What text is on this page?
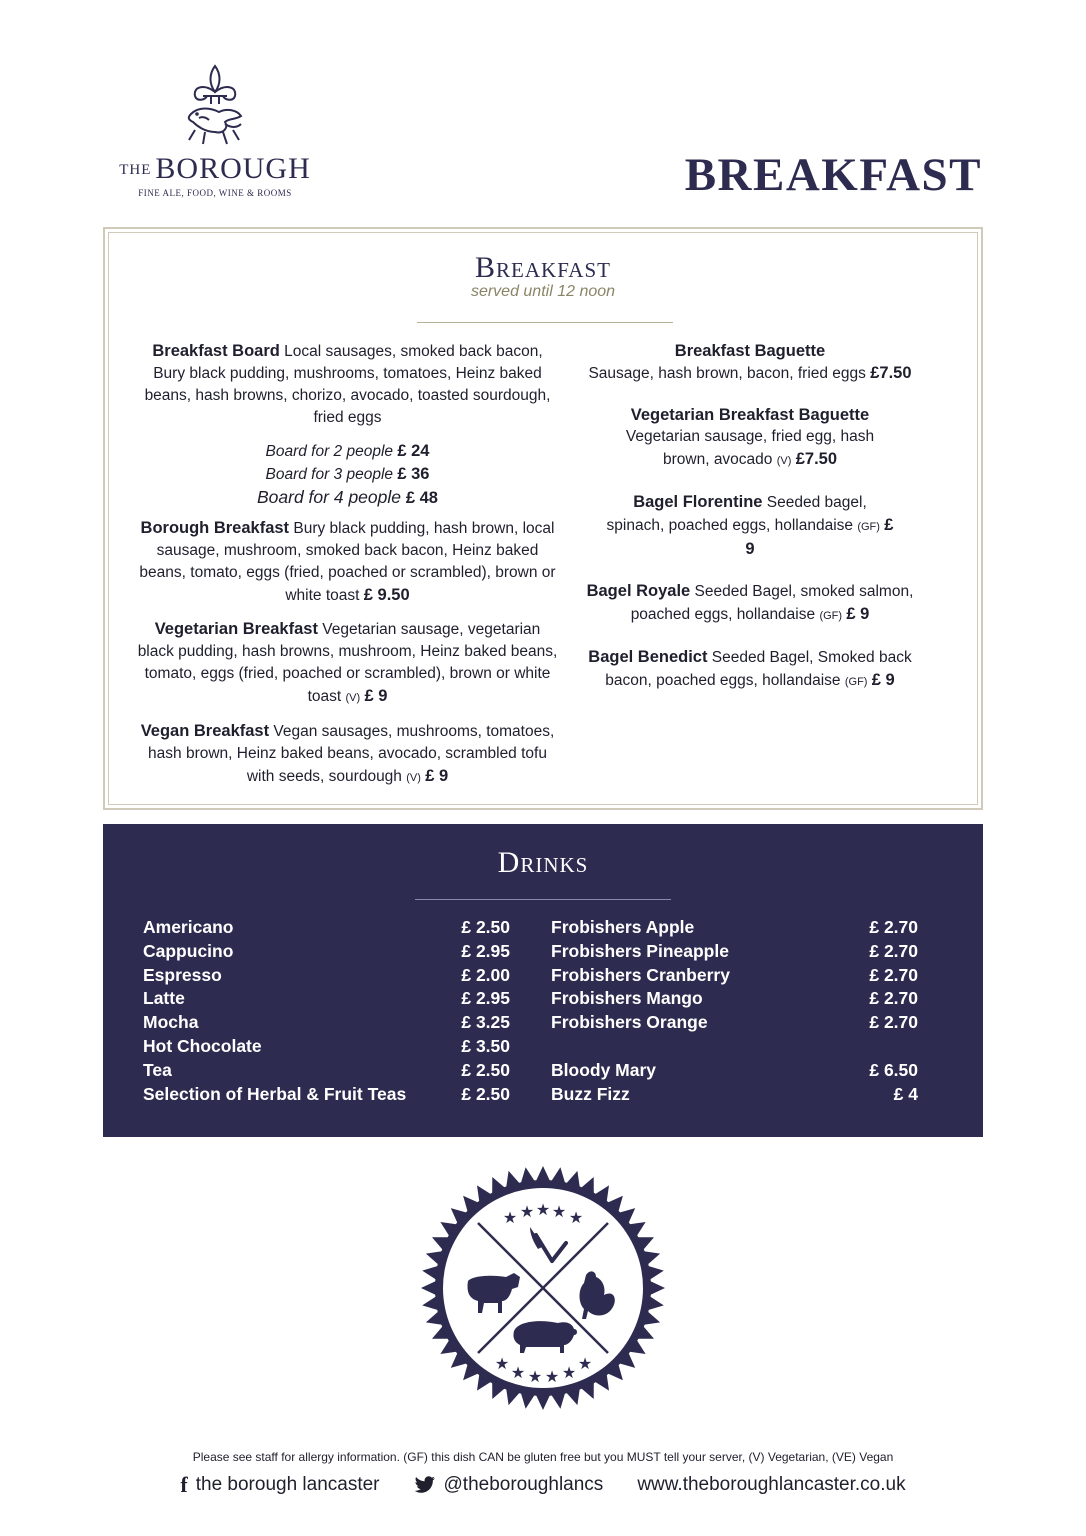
THE BOROUGH
FINE ALE, FOOD, WINE & ROOMS	BREAKFAST
Breakfast
served until 12 noon
Breakfast Board Local sausages, smoked back bacon, Bury black pudding, mushrooms, tomatoes, Heinz baked beans, hash browns, chorizo, avocado, toasted sourdough, fried eggs
Board for 2 people £ 24
Board for 3 people £ 36
Board for 4 people £ 48
Borough Breakfast Bury black pudding, hash brown, local sausage, mushroom, smoked back bacon, Heinz baked beans, tomato, eggs (fried, poached or scrambled), brown or white toast £ 9.50
Vegetarian Breakfast Vegetarian sausage, vegetarian black pudding, hash browns, mushroom, Heinz baked beans, tomato, eggs (fried, poached or scrambled), brown or white toast (V) £ 9
Vegan Breakfast Vegan sausages, mushrooms, tomatoes, hash brown, Heinz baked beans, avocado, scrambled tofu with seeds, sourdough (V) £ 9
Breakfast Baguette
Sausage, hash brown, bacon, fried eggs £7.50
Vegetarian Breakfast Baguette
Vegetarian sausage, fried egg, hash brown, avocado (V) £7.50
Bagel Florentine Seeded bagel, spinach, poached eggs, hollandaise (GF) £ 9
Bagel Royale Seeded Bagel, smoked salmon, poached eggs, hollandaise (GF) £ 9
Bagel Benedict Seeded Bagel, Smoked back bacon, poached eggs, hollandaise (GF) £ 9
Drinks
Americano	£ 2.50
Cappucino	£ 2.95
Espresso	£ 2.00
Latte	£ 2.95
Mocha	£ 3.25
Hot Chocolate	£ 3.50
Tea	£ 2.50
Selection of Herbal & Fruit Teas	£ 2.50
Frobishers Apple	£ 2.70
Frobishers Pineapple	£ 2.70
Frobishers Cranberry	£ 2.70
Frobishers Mango	£ 2.70
Frobishers Orange	£ 2.70
Bloody Mary	£ 6.50
Buzz Fizz	£ 4
★ ★ ★ ★ ★
★ ★ ★ ★ ★ ★
Please see staff for allergy information. (GF) this dish CAN be gluten free but you MUST tell your server, (V) Vegetarian, (VE) Vegan
f the borough lancaster	@theboroughlancs www.theboroughlancaster.co.uk
